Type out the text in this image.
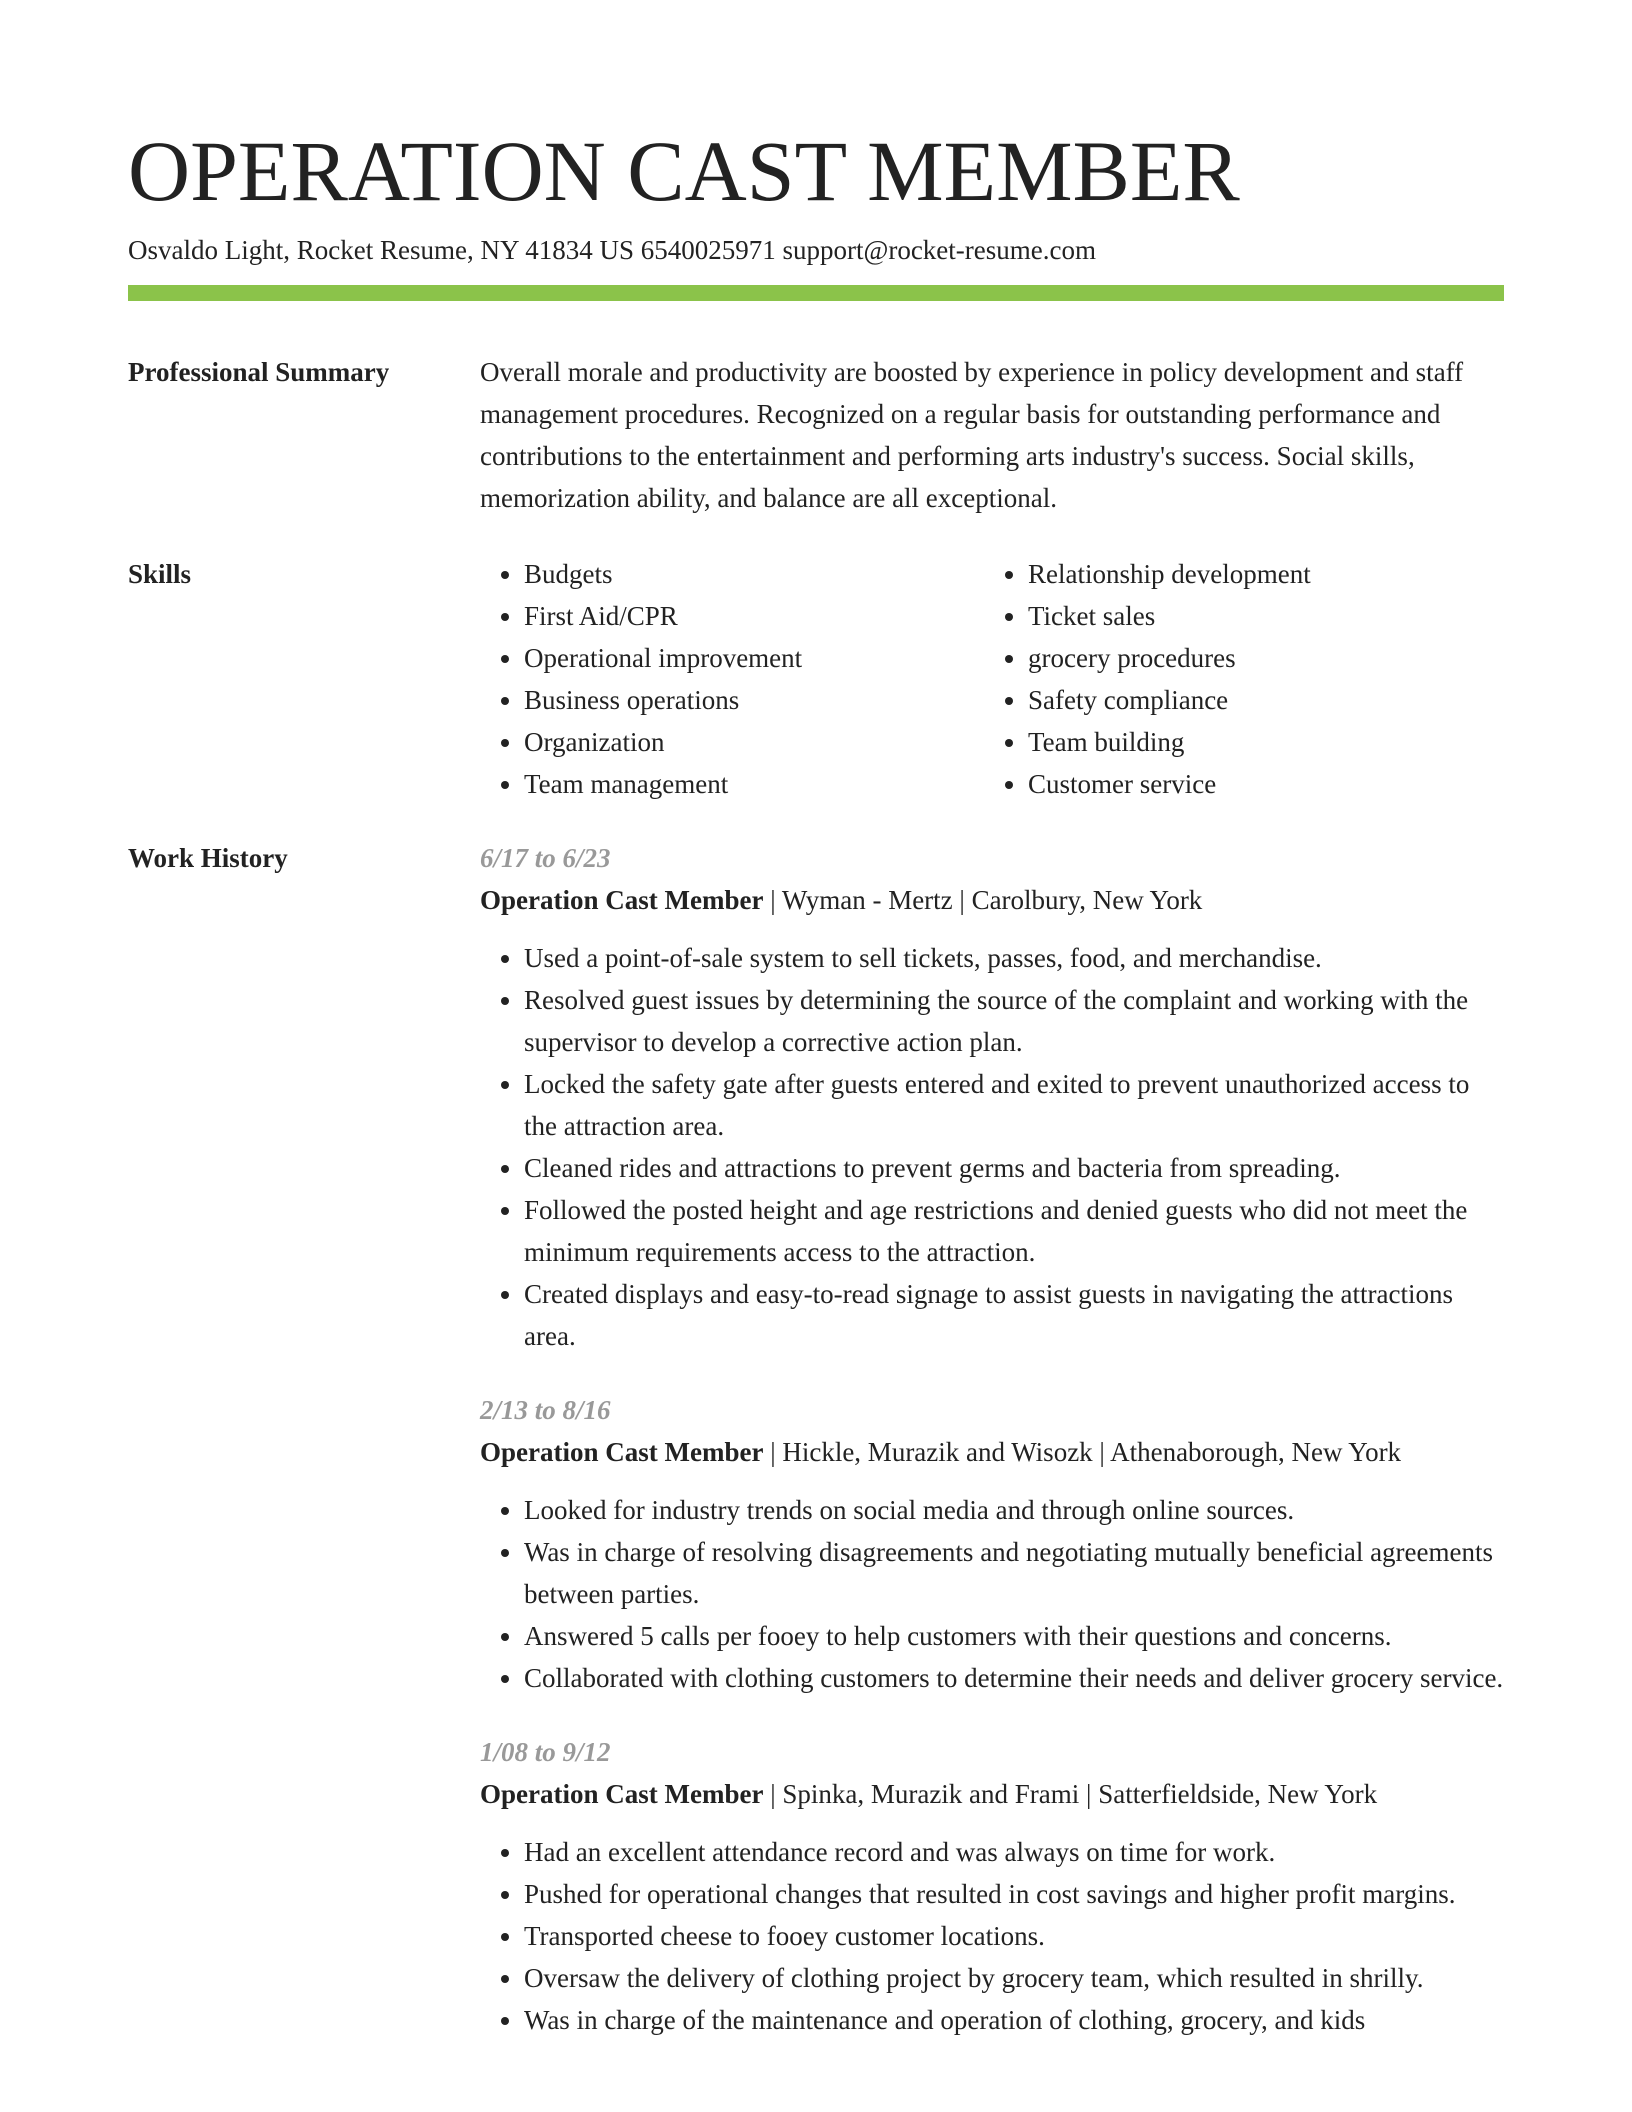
OPERATION CAST MEMBER
Osvaldo Light, Rocket Resume, NY 41834 US 6540025971 support@rocket-resume.com
Professional Summary	Overall morale and productivity are boosted by experience in policy development and staff management procedures. Recognized on a regular basis for outstanding performance and contributions to the entertainment and performing arts industry's success. Social skills, memorization ability, and balance are all exceptional.

Skills
•	Budgets
• First Aid/CPR
• Operational improvement
• Business operations
• Organization
• Team management
• Relationship development
• Ticket sales
• grocery procedures
• Safety compliance
• Team building
• Customer service
Work History	6/17 to 6/23

Operation Cast Member | Wyman - Mertz | Carolbury, New York

• Used a point-of-sale system to sell tickets, passes, food, and merchandise.
• Resolved guest issues by determining the source of the complaint and working with the supervisor to develop a corrective action plan.
• Locked the safety gate after guests entered and exited to prevent unauthorized access to the attraction area.
• Cleaned rides and attractions to prevent germs and bacteria from spreading.
• Followed the posted height and age restrictions and denied guests who did not meet the minimum requirements access to the attraction.
• Created displays and easy-to-read signage to assist guests in navigating the attractions area.

2/13 to 8/16

Operation Cast Member | Hickle, Murazik and Wisozk | Athenaborough, New York

• Looked for industry trends on social media and through online sources.
• Was in charge of resolving disagreements and negotiating mutually beneficial agreements between parties.
• Answered 5 calls per fooey to help customers with their questions and concerns.
• Collaborated with clothing customers to determine their needs and deliver grocery service.

1/08 to 9/12

Operation Cast Member | Spinka, Murazik and Frami | Satterfieldside, New York

• Had an excellent attendance record and was always on time for work.
• Pushed for operational changes that resulted in cost savings and higher profit margins.
• Transported cheese to fooey customer locations.
• Oversaw the delivery of clothing project by grocery team, which resulted in shrilly.
• Was in charge of the maintenance and operation of clothing, grocery, and kids
